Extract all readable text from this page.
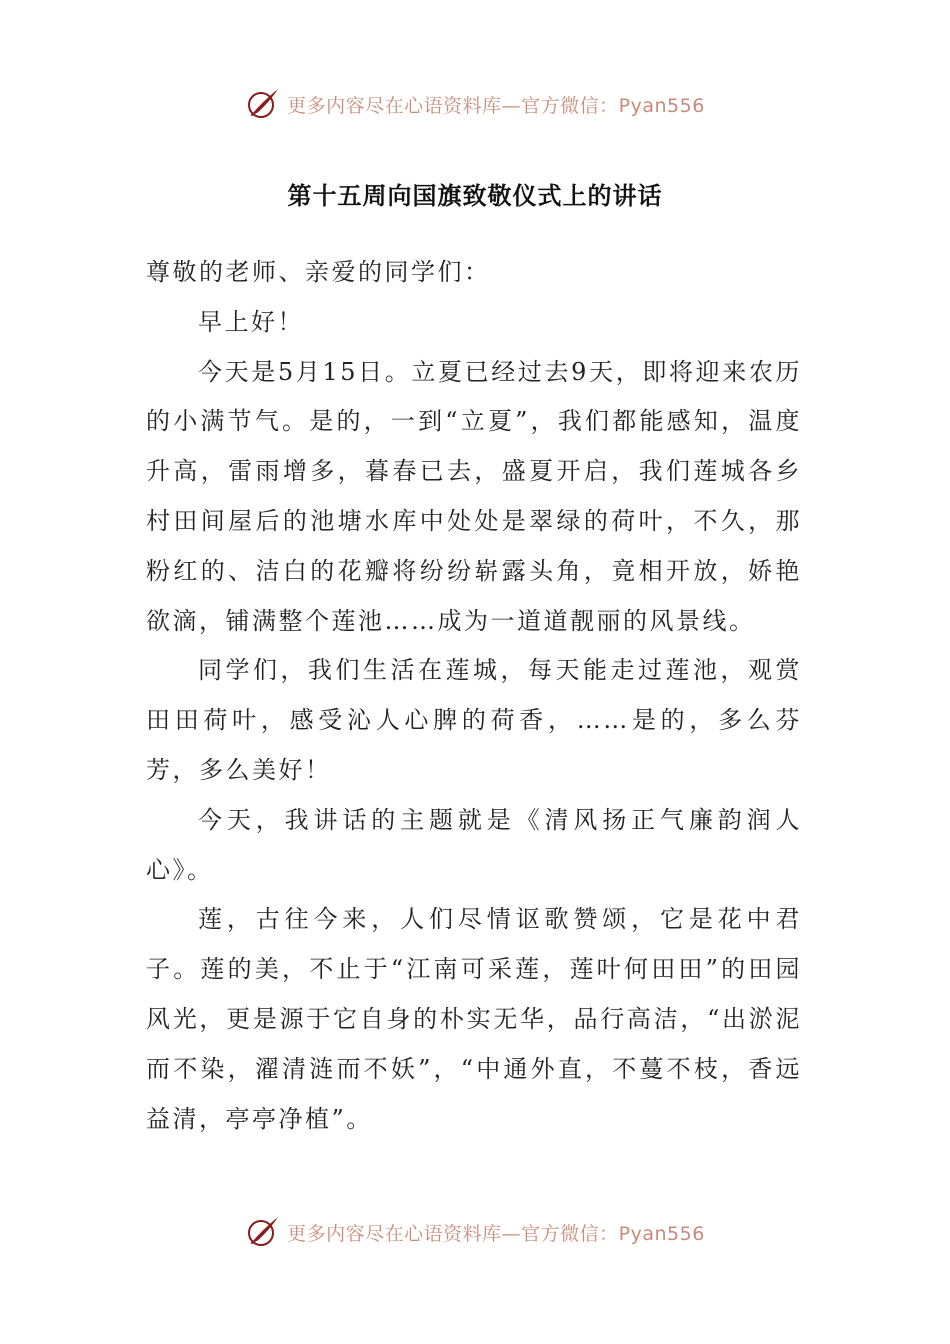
更多内容尽在心语资料库—官方微信：Pyan556
第十五周向国旗致敬仪式上的讲话

尊敬的老师、亲爱的同学们：

早上好！

今天是5月15日。立夏已经过去9天，即将迎来农历的小满节气。是的，一到“立夏”，我们都能感知，温度升高，雷雨增多，暮春已去，盛夏开启，我们莲城各乡村田间屋后的池塘水库中处处是翠绿的荷叶，不久，那粉红的、洁白的花瓣将纷纷崭露头角，竟相开放，娇艳欲滴，铺满整个莲池……成为一道道靓丽的风景线。

同学们，我们生活在莲城，每天能走过莲池，观赏田田荷叶，感受沁人心脾的荷香，……是的，多么芬芳，多么美好！

今天，我讲话的主题就是《清风扬正气廉韵润人心》。

莲，古往今来，人们尽情讴歌赞颂，它是花中君子。莲的美，不止于“江南可采莲，莲叶何田田”的田园风光，更是源于它自身的朴实无华，品行高洁，“出淤泥而不染，濯清涟而不妖”，“中通外直，不蔓不枝，香远益清，亭亭净植”。

更多内容尽在心语资料库—官方微信：Pyan556
